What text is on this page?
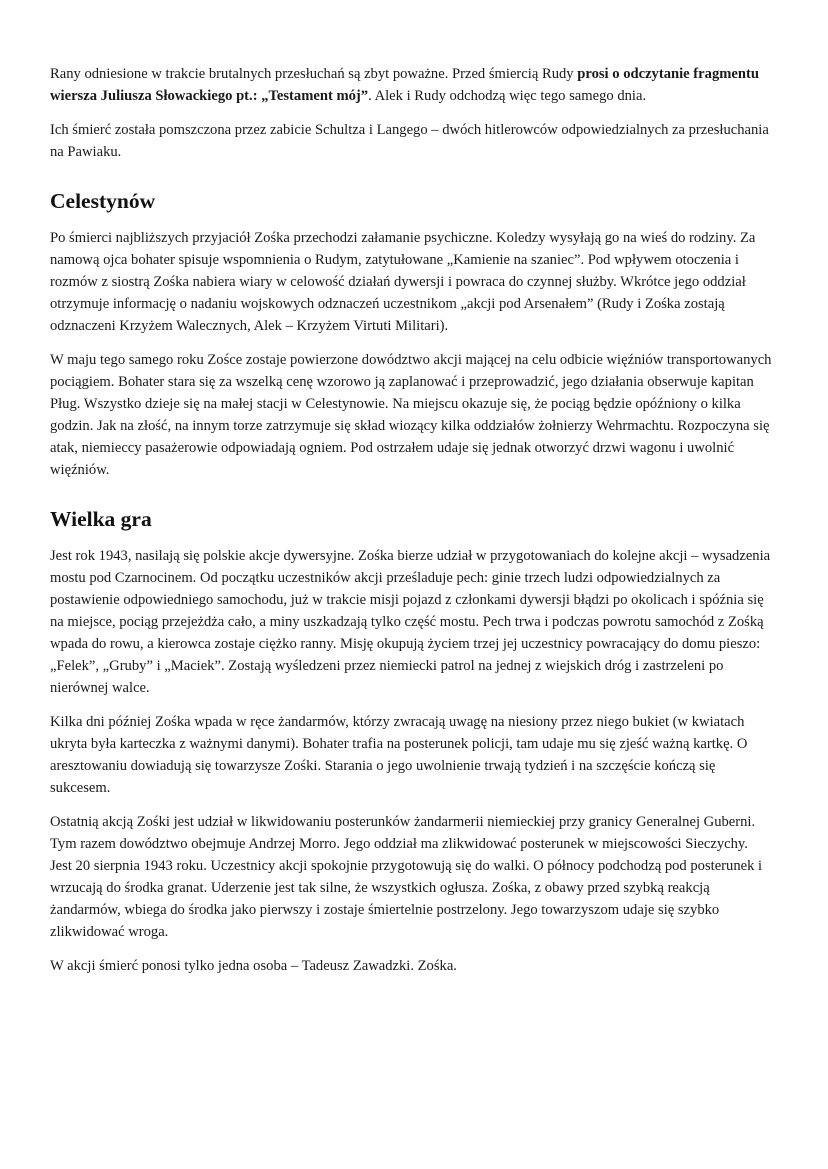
Rany odniesione w trakcie brutalnych przesłuchań są zbyt poważne. Przed śmiercią Rudy prosi o odczytanie fragmentu wiersza Juliusza Słowackiego pt.: „Testament mój”. Alek i Rudy odchodzą więc tego samego dnia.

Ich śmierć została pomszczona przez zabicie Schultza i Langego – dwóch hitlerowców odpowiedzialnych za przesłuchania na Pawiaku.

Celestynów

Po śmierci najbliższych przyjaciół Zośka przechodzi załamanie psychiczne. Koledzy wysyłają go na wieś do rodziny. Za namową ojca bohater spisuje wspomnienia o Rudym, zatytułowane „Kamienie na szaniec”. Pod wpływem otoczenia i rozmów z siostrą Zośka nabiera wiary w celowość działań dywersji i powraca do czynnej służby. Wkrótce jego oddział otrzymuje informację o nadaniu wojskowych odznaczeń uczestnikom „akcji pod Arsenałem” (Rudy i Zośka zostają odznaczeni Krzyżem Walecznych, Alek – Krzyżem Virtuti Militari).

W maju tego samego roku Zośce zostaje powierzone dowództwo akcji mającej na celu odbicie więźniów transportowanych pociągiem. Bohater stara się za wszelką cenę wzorowo ją zaplanować i przeprowadzić, jego działania obserwuje kapitan Pług. Wszystko dzieje się na małej stacji w Celestynowie. Na miejscu okazuje się, że pociąg będzie opóźniony o kilka godzin. Jak na złość, na innym torze zatrzymuje się skład wiozący kilka oddziałów żołnierzy Wehrmachtu. Rozpoczyna się atak, niemieccy pasażerowie odpowiadają ogniem. Pod ostrzałem udaje się jednak otworzyć drzwi wagonu i uwolnić więźniów.

Wielka gra

Jest rok 1943, nasilają się polskie akcje dywersyjne. Zośka bierze udział w przygotowaniach do kolejne akcji – wysadzenia mostu pod Czarnocinem. Od początku uczestników akcji prześladuje pech: ginie trzech ludzi odpowiedzialnych za postawienie odpowiedniego samochodu, już w trakcie misji pojazd z członkami dywersji błądzi po okolicach i spóźnia się na miejsce, pociąg przejeżdża cało, a miny uszkadzają tylko część mostu. Pech trwa i podczas powrotu samochód z Zośką wpada do rowu, a kierowca zostaje ciężko ranny. Misję okupują życiem trzej jej uczestnicy powracający do domu pieszo: „Felek”, „Gruby” i „Maciek”. Zostają wyśledzeni przez niemiecki patrol na jednej z wiejskich dróg i zastrzeleni po nierównej walce.

Kilka dni później Zośka wpada w ręce żandarmów, którzy zwracają uwagę na niesiony przez niego bukiet (w kwiatach ukryta była karteczka z ważnymi danymi). Bohater trafia na posterunek policji, tam udaje mu się zjeść ważną kartkę. O aresztowaniu dowiadują się towarzysze Zośki. Starania o jego uwolnienie trwają tydzień i na szczęście kończą się sukcesem.

Ostatnią akcją Zośki jest udział w likwidowaniu posterunków żandarmerii niemieckiej przy granicy Generalnej Guberni. Tym razem dowództwo obejmuje Andrzej Morro. Jego oddział ma zlikwidować posterunek w miejscowości Sieczychy. Jest 20 sierpnia 1943 roku. Uczestnicy akcji spokojnie przygotowują się do walki. O północy podchodzą pod posterunek i wrzucają do środka granat. Uderzenie jest tak silne, że wszystkich ogłusza. Zośka, z obawy przed szybką reakcją żandarmów, wbiega do środka jako pierwszy i zostaje śmiertelnie postrzelony. Jego towarzyszom udaje się szybko zlikwidować wroga.

W akcji śmierć ponosi tylko jedna osoba – Tadeusz Zawadzki. Zośka.
